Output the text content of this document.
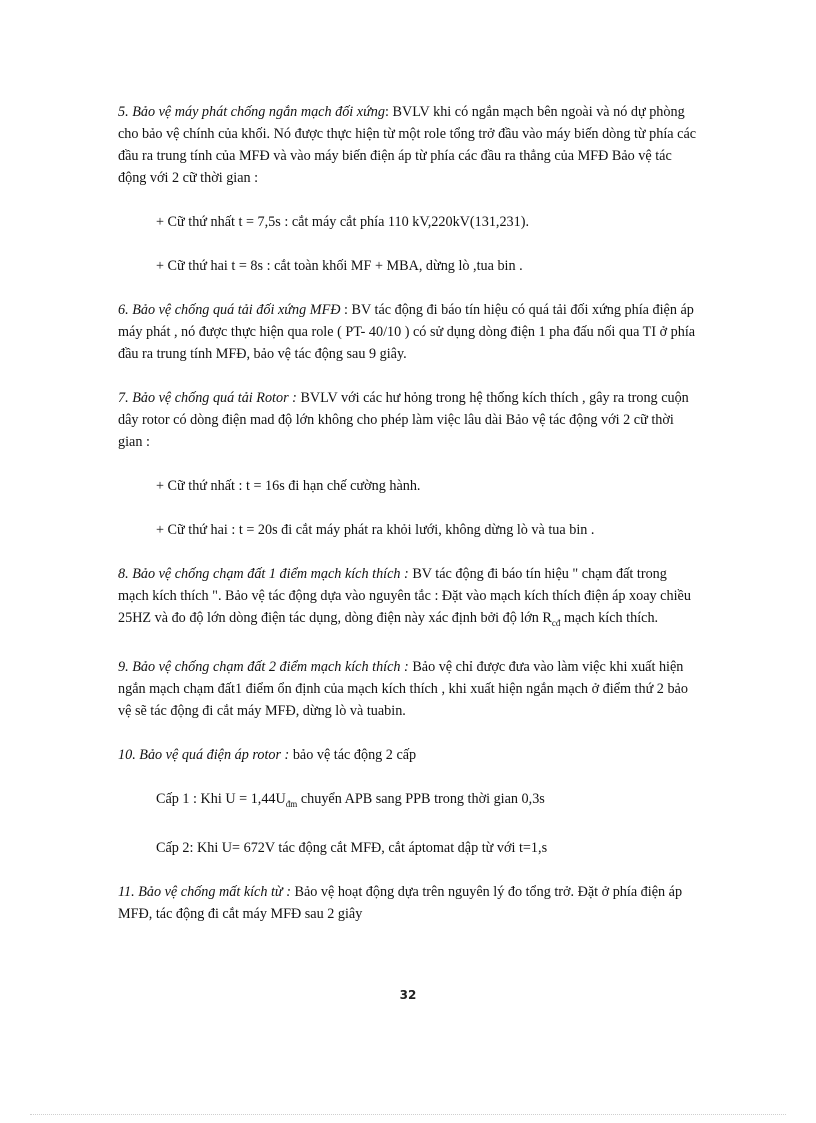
5. Bảo vệ máy phát chống ngắn mạch đối xứng: BVLV khi có ngắn mạch bên ngoài và nó dự phòng cho bảo vệ chính của khối. Nó được thực hiện từ một role tổng trở đầu vào máy biến dòng từ phía các đầu ra trung tính của MFĐ và vào máy biến điện áp từ phía các đầu ra thẳng của MFĐ Bảo vệ tác động với 2 cữ thời gian :

+ Cữ thứ nhất t = 7,5s : cắt máy cắt phía 110 kV,220kV(131,231).

+ Cữ thứ hai t = 8s : cắt toàn khối MF + MBA, dừng lò ,tua bin .

6. Bảo vệ chống quá tải đối xứng MFĐ : BV tác động đi báo tín hiệu có quá tải đối xứng phía điện áp máy phát , nó được thực hiện qua role ( PT- 40/10 ) có sử dụng dòng điện 1 pha đấu nối qua TI ở phía đầu ra trung tính MFĐ, bảo vệ tác động sau 9 giây.

7. Bảo vệ chống quá tải Rotor : BVLV với các hư hỏng trong hệ thống kích thích , gây ra trong cuộn dây rotor có dòng điện mad độ lớn không cho phép làm việc lâu dài Bảo vệ tác động với 2 cữ thời gian :

+ Cữ thứ nhất : t = 16s đi hạn chế cường hành.

+ Cữ thứ hai : t = 20s đi cắt máy phát ra khỏi lưới, không dừng lò và tua bin .

8. Bảo vệ chống chạm đất 1 điểm mạch kích thích : BV tác động đi báo tín hiệu " chạm đất trong mạch kích thích ". Bảo vệ tác động dựa vào nguyên tắc : Đặt vào mạch kích thích điện áp xoay chiều 25HZ và đo độ lớn dòng điện tác dụng, dòng điện này xác định bởi độ lớn $R_{cđ}$ mạch kích thích.

9. Bảo vệ chống chạm đất 2 điểm mạch kích thích : Bảo vệ chỉ được đưa vào làm việc khi xuất hiện ngắn mạch chạm đất1 điểm ổn định của mạch kích thích , khi xuất hiện ngắn mạch ở điểm thứ 2 bảo vệ sẽ tác động đi cắt máy MFĐ, dừng lò và tuabin.

10. Bảo vệ quá điện áp rotor : bảo vệ tác động 2 cấp

Cấp 1 : Khi $U = 1,44U_{đm}$ chuyển APB sang PPB trong thời gian 0,3s

Cấp 2: Khi U= 672V tác động cắt MFĐ, cắt áptomat dập từ với t=1,s

11. Bảo vệ chống mất kích từ : Bảo vệ hoạt động dựa trên nguyên lý đo tổng trở. Đặt ở phía điện áp MFĐ, tác động đi cắt máy MFĐ sau 2 giây

32
